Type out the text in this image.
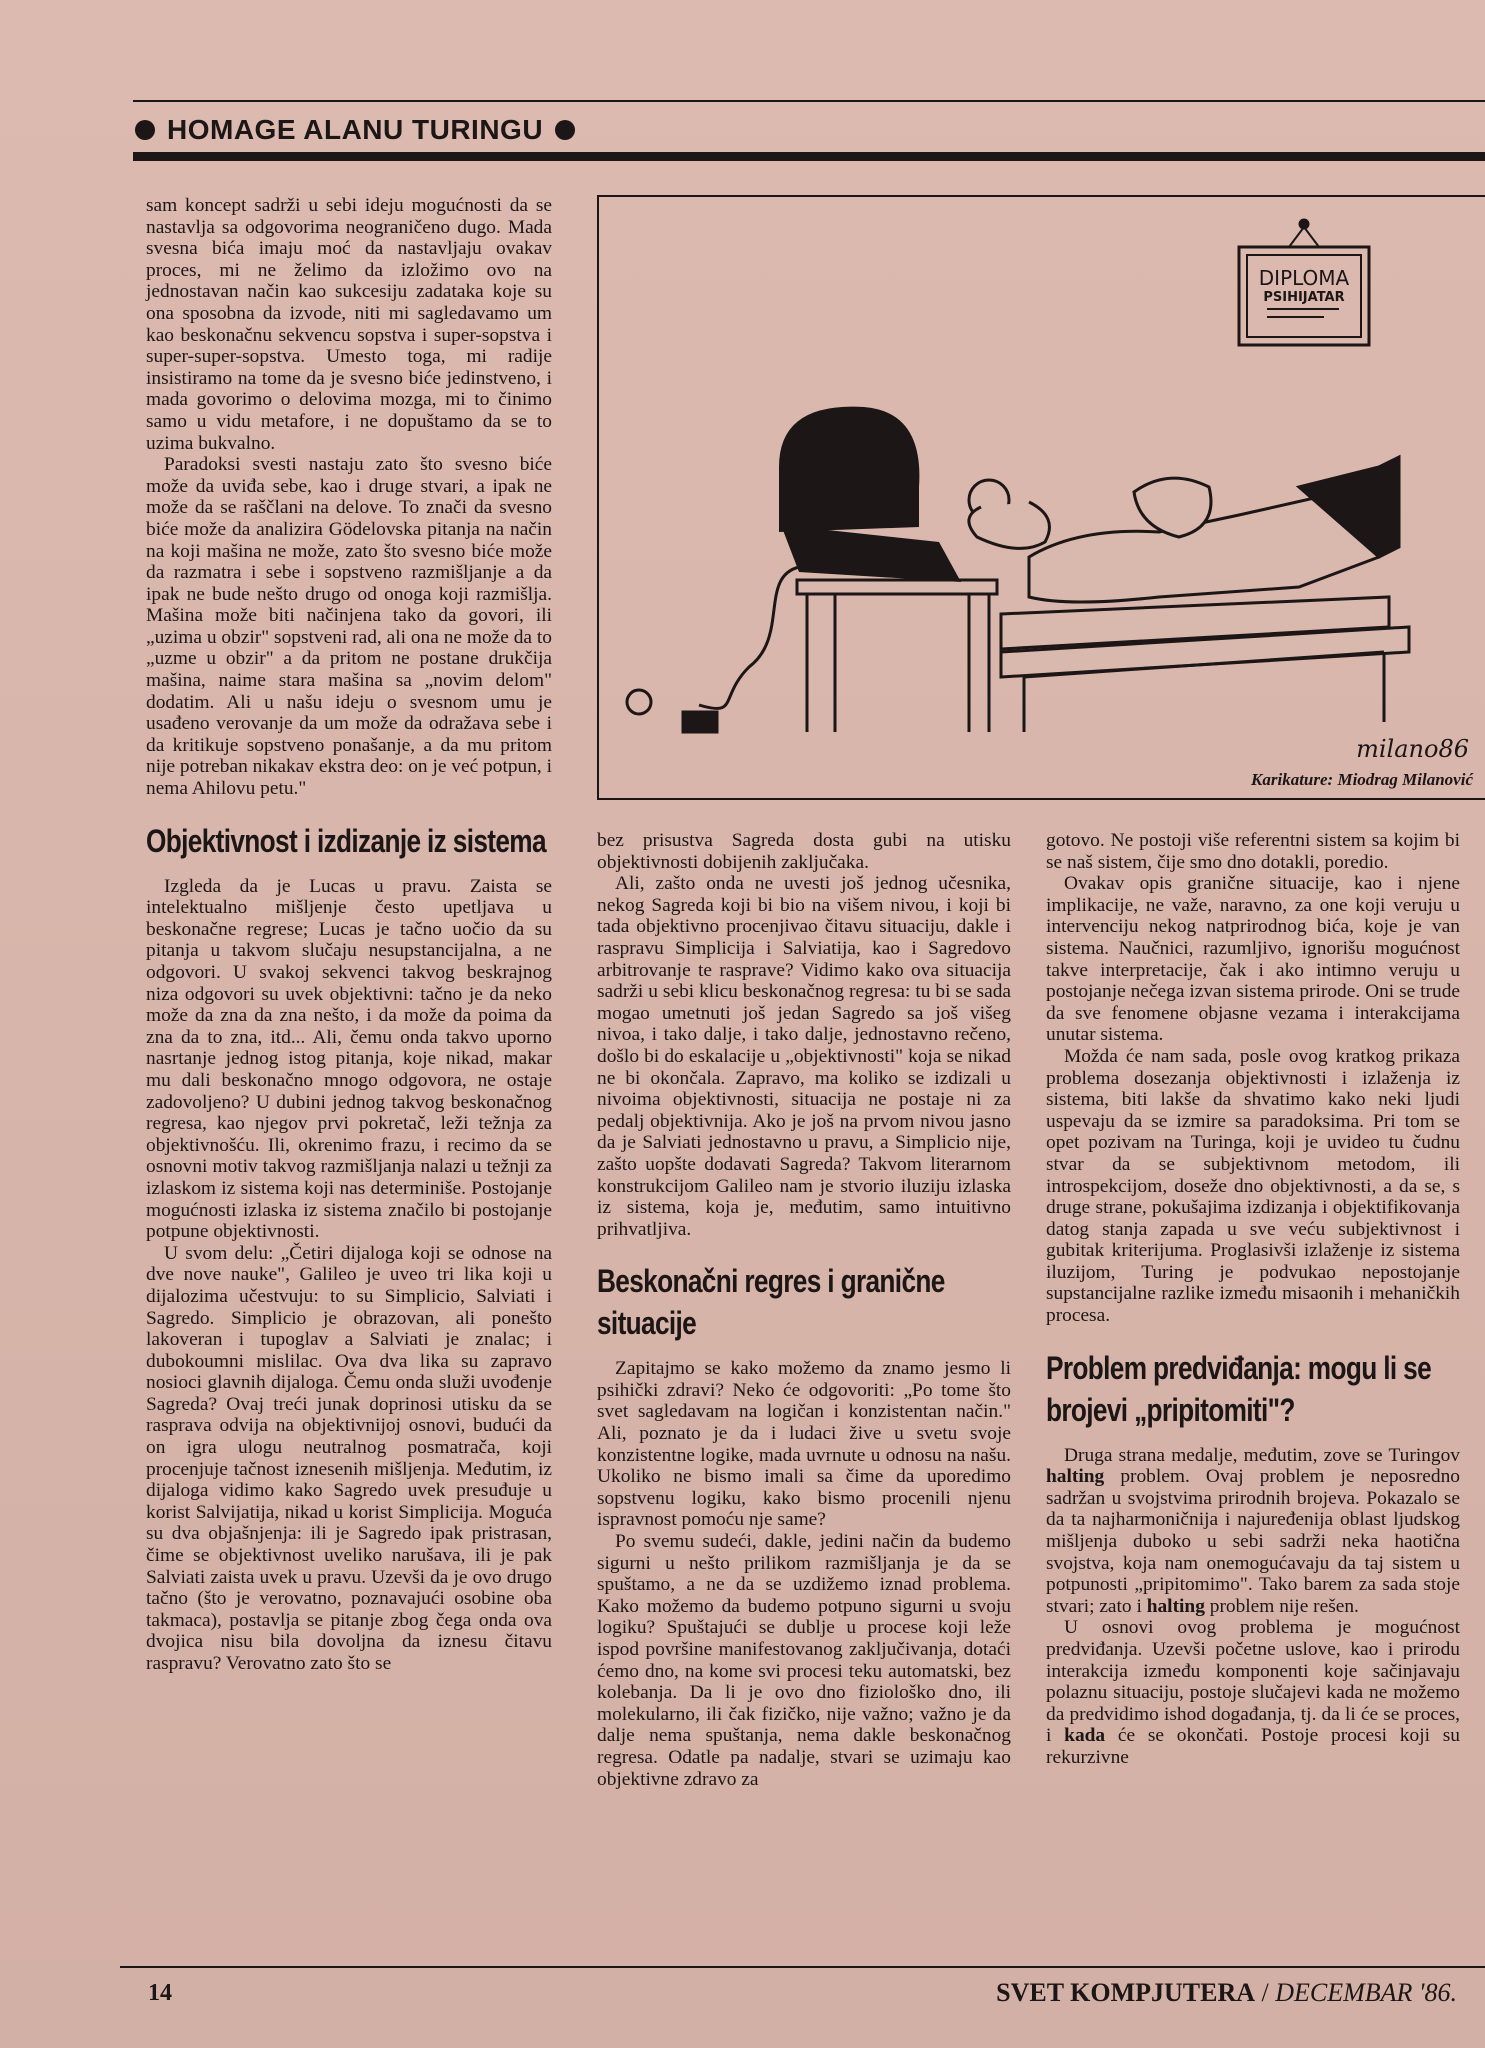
HOMAGE ALANU TURINGU

sam koncept sadrži u sebi ideju mogućnosti da se nastavlja sa odgovorima neograničeno dugo. Mada svesna bića imaju moć da nastavljaju ovakav proces, mi ne želimo da izložimo ovo na jednostavan način kao sukcesiju zadataka koje su ona sposobna da izvode, niti mi sagledavamo um kao beskonačnu sekvencu sopstva i super-sopstva i super-super-sopstva. Umesto toga, mi radije insistiramo na tome da je svesno biće jedinstveno, i mada govorimo o delovima mozga, mi to činimo samo u vidu metafore, i ne dopuštamo da se to uzima bukvalno.

Paradoksi svesti nastaju zato što svesno biće može da uviđa sebe, kao i druge stvari, a ipak ne može da se raščlani na delove. To znači da svesno biće može da analizira Gödelovska pitanja na način na koji mašina ne može, zato što svesno biće može da razmatra i sebe i sopstveno razmišljanje a da ipak ne bude nešto drugo od onoga koji razmišlja. Mašina može biti načinjena tako da govori, ili „uzima u obzir" sopstveni rad, ali ona ne može da to „uzme u obzir" a da pritom ne postane drukčija mašina, naime stara mašina sa „novim delom" dodatim. Ali u našu ideju o svesnom umu je usađeno verovanje da um može da odražava sebe i da kritikuje sopstveno ponašanje, a da mu pritom nije potreban nikakav ekstra deo: on je već potpun, i nema Ahilovu petu."

Objektivnost i izdizanje iz sistema

Izgleda da je Lucas u pravu. Zaista se intelektualno mišljenje često upetljava u beskonačne regrese; Lucas je tačno uočio da su pitanja u takvom slučaju nesupstancijalna, a ne odgovori. U svakoj sekvenci takvog beskrajnog niza odgovori su uvek objektivni: tačno je da neko može da zna da zna nešto, i da može da poima da zna da to zna, itd... Ali, čemu onda takvo uporno nasrtanje jednog istog pitanja, koje nikad, makar mu dali beskonačno mnogo odgovora, ne ostaje zadovoljeno? U dubini jednog takvog beskonačnog regresa, kao njegov prvi pokretač, leži težnja za objektivnošću. Ili, okrenimo frazu, i recimo da se osnovni motiv takvog razmišljanja nalazi u težnji za izlaskom iz sistema koji nas determiniše. Postojanje mogućnosti izlaska iz sistema značilo bi postojanje potpune objektivnosti.

U svom delu: „Četiri dijaloga koji se odnose na dve nove nauke", Galileo je uveo tri lika koji u dijalozima učestvuju: to su Simplicio, Salviati i Sagredo. Simplicio je obrazovan, ali ponešto lakoveran i tupoglav a Salviati je znalac; i dubokoumni mislilac. Ova dva lika su zapravo nosioci glavnih dijaloga. Čemu onda služi uvođenje Sagreda? Ovaj treći junak doprinosi utisku da se rasprava odvija na objektivnijoj osnovi, budući da on igra ulogu neutralnog posmatrača, koji procenjuje tačnost iznesenih mišljenja. Međutim, iz dijaloga vidimo kako Sagredo uvek presuđuje u korist Salvijatija, nikad u korist Simplicija. Moguća su dva objašnjenja: ili je Sagredo ipak pristrasan, čime se objektivnost uveliko narušava, ili je pak Salviati zaista uvek u pravu. Uzevši da je ovo drugo tačno (što je verovatno, poznavajući osobine oba takmaca), postavlja se pitanje zbog čega onda ova dvojica nisu bila dovoljna da iznesu čitavu raspravu? Verovatno zato što se

DIPLOMA
PSIHIJATAR
milano86
Karikature: Miodrag Milanović

bez prisustva Sagreda dosta gubi na utisku objektivnosti dobijenih zaključaka.

Ali, zašto onda ne uvesti još jednog učesnika, nekog Sagreda koji bi bio na višem nivou, i koji bi tada objektivno procenjivao čitavu situaciju, dakle i raspravu Simplicija i Salviatija, kao i Sagredovo arbitrovanje te rasprave? Vidimo kako ova situacija sadrži u sebi klicu beskonačnog regresa: tu bi se sada mogao umetnuti još jedan Sagredo sa još višeg nivoa, i tako dalje, i tako dalje, jednostavno rečeno, došlo bi do eskalacije u „objektivnosti" koja se nikad ne bi okončala. Zapravo, ma koliko se izdizali u nivoima objektivnosti, situacija ne postaje ni za pedalj objektivnija. Ako je još na prvom nivou jasno da je Salviati jednostavno u pravu, a Simplicio nije, zašto uopšte dodavati Sagreda? Takvom literarnom konstrukcijom Galileo nam je stvorio iluziju izlaska iz sistema, koja je, međutim, samo intuitivno prihvatljiva.

Beskonačni regres i granične situacije

Zapitajmo se kako možemo da znamo jesmo li psihički zdravi? Neko će odgovoriti: „Po tome što svet sagledavam na logičan i konzistentan način." Ali, poznato je da i ludaci žive u svetu svoje konzistentne logike, mada uvrnute u odnosu na našu. Ukoliko ne bismo imali sa čime da uporedimo sopstvenu logiku, kako bismo procenili njenu ispravnost pomoću nje same?

Po svemu sudeći, dakle, jedini način da budemo sigurni u nešto prilikom razmišljanja je da se spuštamo, a ne da se uzdižemo iznad problema. Kako možemo da budemo potpuno sigurni u svoju logiku? Spuštajući se dublje u procese koji leže ispod površine manifestovanog zaključivanja, dotaći ćemo dno, na kome svi procesi teku automatski, bez kolebanja. Da li je ovo dno fiziološko dno, ili molekularno, ili čak fizičko, nije važno; važno je da dalje nema spuštanja, nema dakle beskonačnog regresa. Odatle pa nadalje, stvari se uzimaju kao objektivne zdravo za

gotovo. Ne postoji više referentni sistem sa kojim bi se naš sistem, čije smo dno dotakli, poredio.

Ovakav opis granične situacije, kao i njene implikacije, ne važe, naravno, za one koji veruju u intervenciju nekog natprirodnog bića, koje je van sistema. Naučnici, razumljivo, ignorišu mogućnost takve interpretacije, čak i ako intimno veruju u postojanje nečega izvan sistema prirode. Oni se trude da sve fenomene objasne vezama i interakcijama unutar sistema.

Možda će nam sada, posle ovog kratkog prikaza problema dosezanja objektivnosti i izlaženja iz sistema, biti lakše da shvatimo kako neki ljudi uspevaju da se izmire sa paradoksima. Pri tom se opet pozivam na Turinga, koji je uvideo tu čudnu stvar da se subjektivnom metodom, ili introspekcijom, doseže dno objektivnosti, a da se, s druge strane, pokušajima izdizanja i objektifikovanja datog stanja zapada u sve veću subjektivnost i gubitak kriterijuma. Proglasivši izlaženje iz sistema iluzijom, Turing je podvukao nepostojanje supstancijalne razlike između misaonih i mehaničkih procesa.

Problem predviđanja: mogu li se brojevi „pripitomiti"?

Druga strana medalje, međutim, zove se Turingov halting problem. Ovaj problem je neposredno sadržan u svojstvima prirodnih brojeva. Pokazalo se da ta najharmoničnija i najuređenija oblast ljudskog mišljenja duboko u sebi sadrži neka haotična svojstva, koja nam onemogućavaju da taj sistem u potpunosti „pripitomimo". Tako barem za sada stoje stvari; zato i halting problem nije rešen.

U osnovi ovog problema je mogućnost predviđanja. Uzevši početne uslove, kao i prirodu interakcija između komponenti koje sačinjavaju polaznu situaciju, postoje slučajevi kada ne možemo da predvidimo ishod događanja, tj. da li će se proces, i kada će se okončati. Postoje procesi koji su rekurzivne

14	SVET KOMPJUTERA / DECEMBAR '86.
